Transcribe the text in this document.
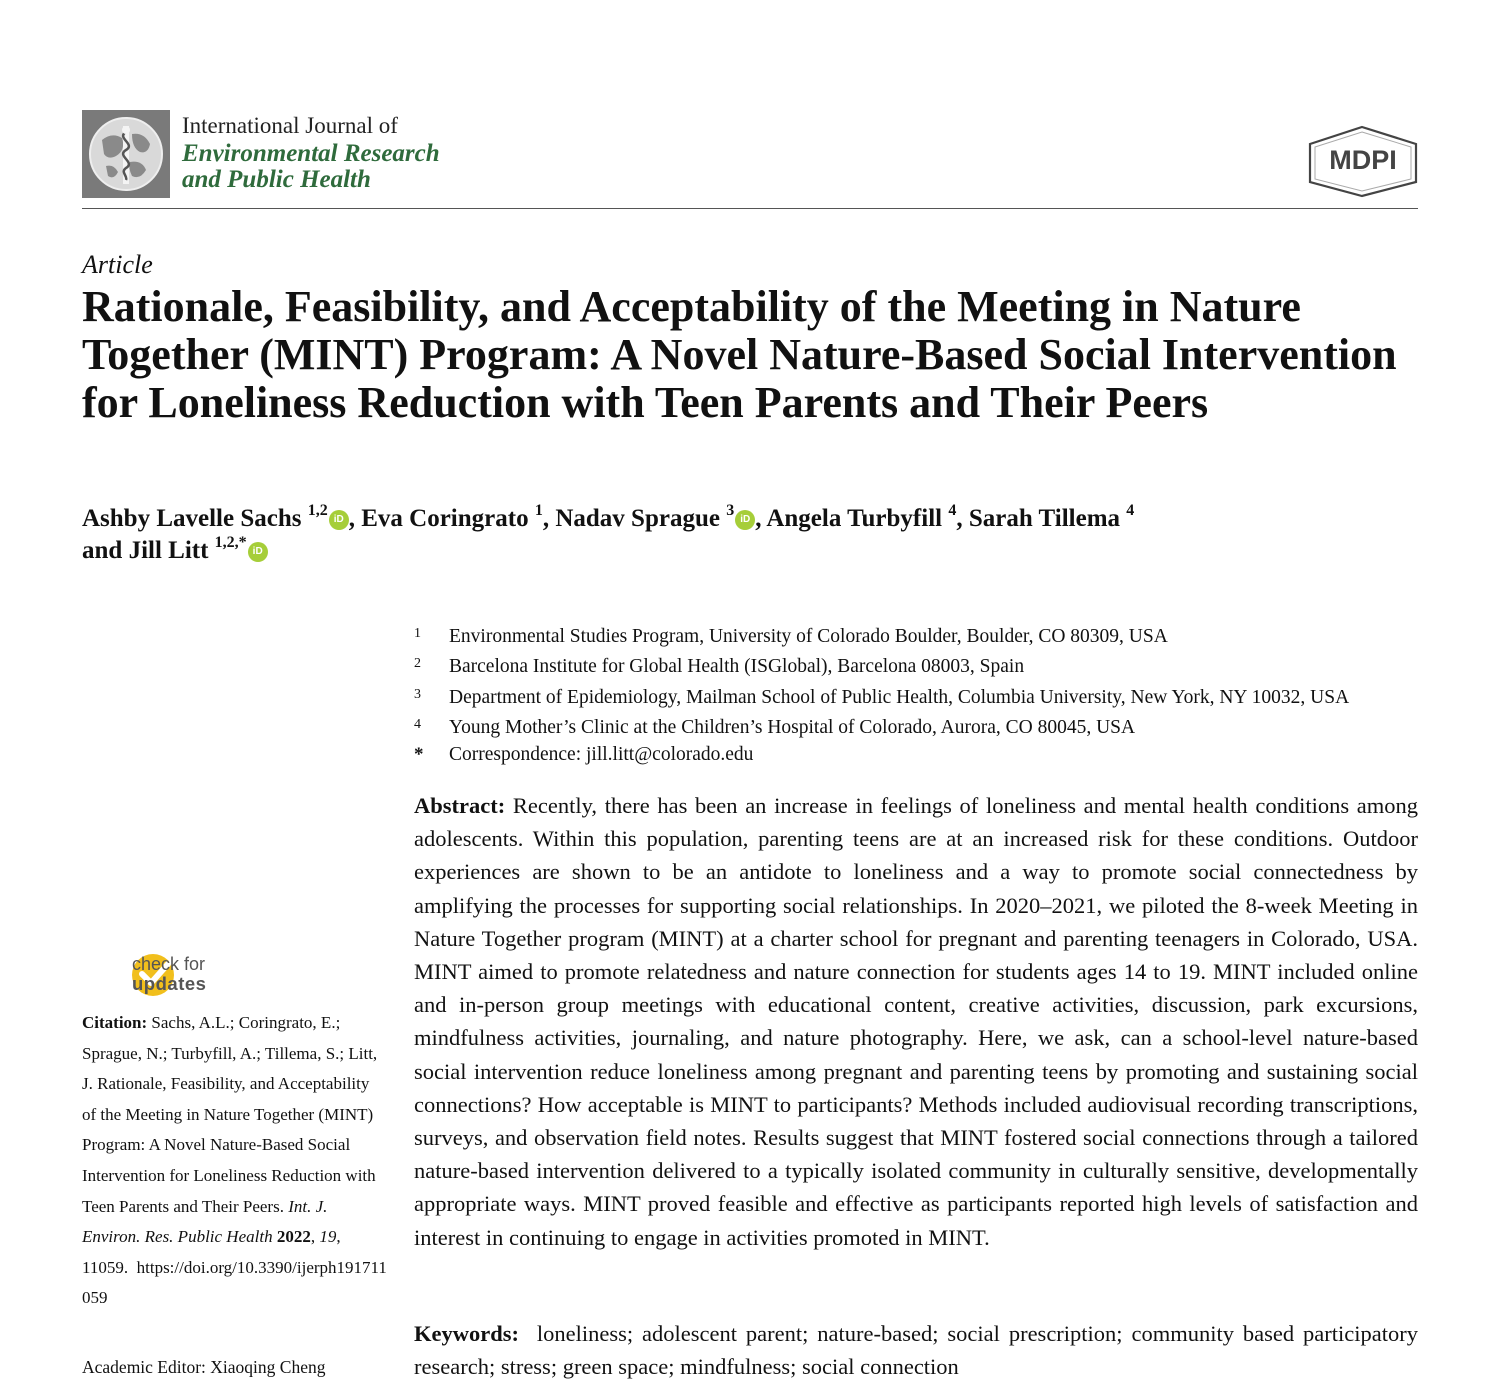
International Journal of
Environmental Research
and Public Health
MDPI
Article
Rationale, Feasibility, and Acceptability of the Meeting in Nature Together (MINT) Program: A Novel Nature-Based Social Intervention for Loneliness Reduction with Teen Parents and Their Peers
Ashby Lavelle Sachs $^{1,2}$iD , Eva Coringrato $^1$, Nadav Sprague $^3$iD , Angela Turbyfill $^4$, Sarah Tillema $^4$
and Jill Litt $^{1,2,*}$iD
1 Environmental Studies Program, University of Colorado Boulder, Boulder, CO 80309, USA
2 Barcelona Institute for Global Health (ISGlobal), Barcelona 08003, Spain
3 Department of Epidemiology, Mailman School of Public Health, Columbia University, New York, NY 10032, USA
4 Young Mother’s Clinic at the Children’s Hospital of Colorado, Aurora, CO 80045, USA
* Correspondence: jill.litt@colorado.edu

Abstract: Recently, there has been an increase in feelings of loneliness and mental health conditions among adolescents. Within this population, parenting teens are at an increased risk for these conditions. Outdoor experiences are shown to be an antidote to loneliness and a way to promote social connectedness by amplifying the processes for supporting social relationships. In 2020–2021, we piloted the 8-week Meeting in Nature Together program (MINT) at a charter school for pregnant and parenting teenagers in Colorado, USA. MINT aimed to promote relatedness and nature connection for students ages 14 to 19. MINT included online and in-person group meetings with educational content, creative activities, discussion, park excursions, mindfulness activities, journaling, and nature photography. Here, we ask, can a school-level nature-based social intervention reduce loneliness among pregnant and parenting teens by promoting and sustaining social connections? How acceptable is MINT to participants? Methods included audiovisual recording transcriptions, surveys, and observation field notes. Results suggest that MINT fostered social connections through a tailored nature-based intervention delivered to a typically isolated community in culturally sensitive, developmentally appropriate ways. MINT proved feasible and effective as participants reported high levels of satisfaction and interest in continuing to engage in activities promoted in MINT.

Keywords: loneliness; adolescent parent; nature-based; social prescription; community based participatory research; stress; green space; mindfulness; social connection

check for
updates
Citation: Sachs, A.L.; Coringrato, E.; Sprague, N.; Turbyfill, A.; Tillema, S.; Litt, J. Rationale, Feasibility, and Acceptability of the Meeting in Nature Together (MINT) Program: A Novel Nature-Based Social Intervention for Loneliness Reduction with Teen Parents and Their Peers. Int. J. Environ. Res. Public Health 2022, 19, 11059. https://doi.org/10.3390/ijerph191711059
Academic Editor: Xiaoqing Cheng
